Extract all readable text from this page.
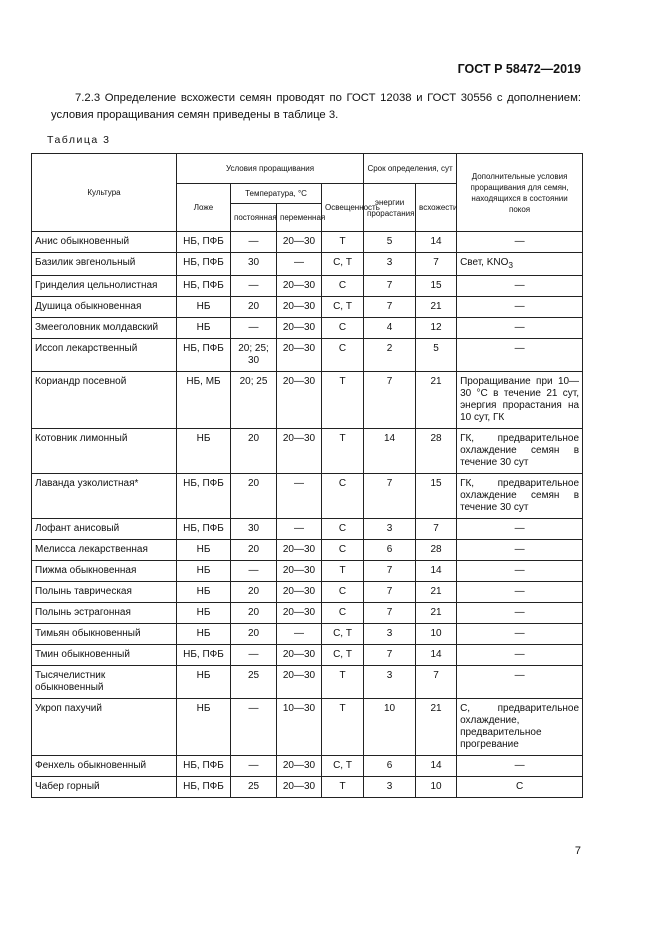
ГОСТ Р 58472—2019

7.2.3 Определение всхожести семян проводят по ГОСТ 12038 и ГОСТ 30556 с дополнением: условия проращивания семян приведены в таблице 3.

Таблица 3
Культура	Условия проращивания				Срок определения, сут		Дополнительные условия проращивания для семян, находящихся в состоянии покоя
	Ложе	Температура, °С		Освещенность	энергии прорастания	всхожести	
		постоянная	переменная				
Анис обыкновенный	НБ, ПФБ	—	20—30	Т	5	14	—
Базилик эвгенольный	НБ, ПФБ	30	—	С, Т	3	7	Свет, $KNO_3$
Гринделия цельнолистная	НБ, ПФБ	—	20—30	С	7	15	—
Душица обыкновенная	НБ	20	20—30	С, Т	7	21	—
Змееголовник молдавский	НБ	—	20—30	С	4	12	—
Иссоп лекарственный	НБ, ПФБ	20; 25; 30	20—30	С	2	5	—
Кориандр посевной	НБ, МБ	20; 25	20—30	Т	7	21	Проращивание при 10—30 °С в течение 21 сут, энергия прорастания на 10 сут, ГК
Котовник лимонный	НБ	20	20—30	Т	14	28	ГК, предварительное охлаждение семян в течение 30 сут
Лаванда узколистная*	НБ, ПФБ	20	—	С	7	15	ГК, предварительное охлаждение семян в течение 30 сут
Лофант анисовый	НБ, ПФБ	30	—	С	3	7	—
Мелисса лекарственная	НБ	20	20—30	С	6	28	—
Пижма обыкновенная	НБ	—	20—30	Т	7	14	—
Полынь таврическая	НБ	20	20—30	С	7	21	—
Полынь эстрагонная	НБ	20	20—30	С	7	21	—
Тимьян обыкновенный	НБ	20	—	С, Т	3	10	—
Тмин обыкновенный	НБ, ПФБ	—	20—30	С, Т	7	14	—
Тысячелистник обыкновенный	НБ	25	20—30	Т	3	7	—
Укроп пахучий	НБ	—	10—30	Т	10	21	С, предварительное охлаждение, предварительное прогревание
Фенхель обыкновенный	НБ, ПФБ	—	20—30	С, Т	6	14	—
Чабер горный	НБ, ПФБ	25	20—30	Т	3	10	С
7
